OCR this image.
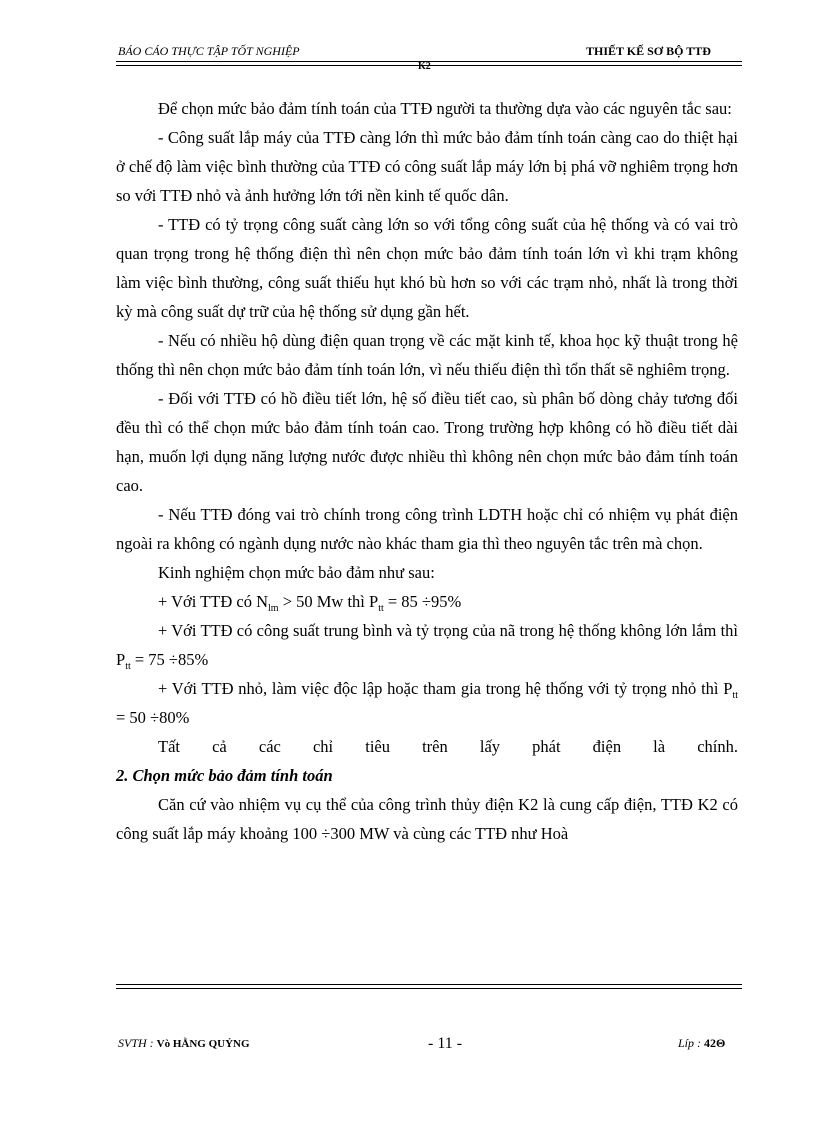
BÁO CÁO THỰC TẬP TỐT NGHIỆP	THIẾT KẾ SƠ BỘ TTĐ
K2

Để chọn mức bảo đảm tính toán của TTĐ người ta thường dựa vào các nguyên tắc sau:

- Công suất lắp máy của TTĐ càng lớn thì mức bảo đảm tính toán càng cao do thiệt hại ở chế độ làm việc bình thường của TTĐ có công suất lắp máy lớn bị phá vỡ nghiêm trọng hơn so với TTĐ nhỏ và ảnh hưởng lớn tới nền kinh tế quốc dân.

- TTĐ có tỷ trọng công suất càng lớn so với tổng công suất của hệ thống và có vai trò quan trọng trong hệ thống điện thì nên chọn mức bảo đảm tính toán lớn vì khi trạm không làm việc bình thường, công suất thiếu hụt khó bù hơn so với các trạm nhỏ, nhất là trong thời kỳ mà công suất dự trữ của hệ thống sử dụng gần hết.

- Nếu có nhiều hộ dùng điện quan trọng về các mặt kinh tế, khoa học kỹ thuật trong hệ thống thì nên chọn mức bảo đảm tính toán lớn, vì nếu thiếu điện thì tổn thất sẽ nghiêm trọng.

- Đối với TTĐ có hồ điều tiết lớn, hệ số điều tiết cao, sù phân bố dòng chảy tương đối đều thì có thể chọn mức bảo đảm tính toán cao. Trong trường hợp không có hồ điều tiết dài hạn, muốn lợi dụng năng lượng nước được nhiều thì không nên chọn mức bảo đảm tính toán cao.

- Nếu TTĐ đóng vai trò chính trong công trình LDTH hoặc chỉ có nhiệm vụ phát điện ngoài ra không có ngành dụng nước nào khác tham gia thì theo nguyên tắc trên mà chọn.

Kinh nghiệm chọn mức bảo đảm như sau:

+ Với TTĐ có $N_{lm} > 50$ Mw thì $P_{tt} = 85 \div 95\%$

+ Với TTĐ có công suất trung bình và tỷ trọng của nã trong hệ thống không lớn lắm thì $P_{tt} = 75 \div 85\%$

+ Với TTĐ nhỏ, làm việc độc lập hoặc tham gia trong hệ thống với tỷ trọng nhỏ thì $P_{tt} = 50 \div 80\%$

Tất cả các chỉ tiêu trên lấy phát điện là chính.

2. Chọn mức bảo đảm tính toán

Căn cứ vào nhiệm vụ cụ thể của công trình thủy điện K2 là cung cấp điện, TTĐ K2 có công suất lắp máy khoảng 100 ÷300 MW và cùng các TTĐ như Hoà

SVTH : Vò HẰNG QUỶNG	- 11 -	Líp : 42Θ
